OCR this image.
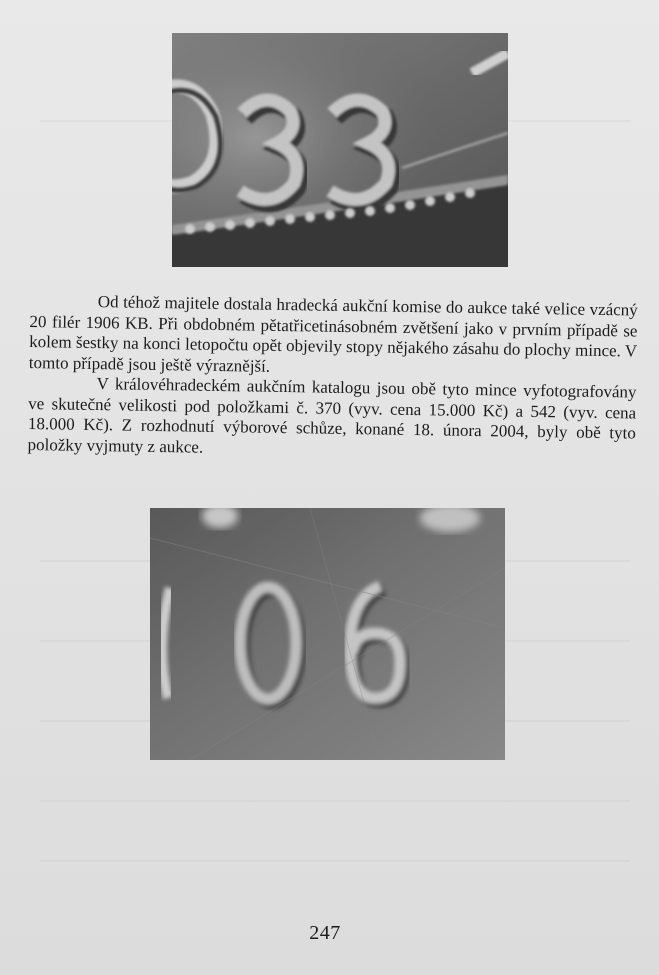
Od téhož majitele dostala hradecká aukční komise do aukce také velice vzácný 20 filér 1906 KB. Při obdobném pětatřicetinásobném zvětšení jako v prvním případě se kolem šestky na konci letopočtu opět objevily stopy nějakého zásahu do plochy mince. V tomto případě jsou ještě výraznější.

V královéhradeckém aukčním katalogu jsou obě tyto mince vyfotografovány ve skutečné velikosti pod položkami č. 370 (vyv. cena 15.000 Kč) a 542 (vyv. cena 18.000 Kč). Z rozhodnutí výborové schůze, konané 18. února 2004, byly obě tyto položky vyjmuty z aukce.

247
